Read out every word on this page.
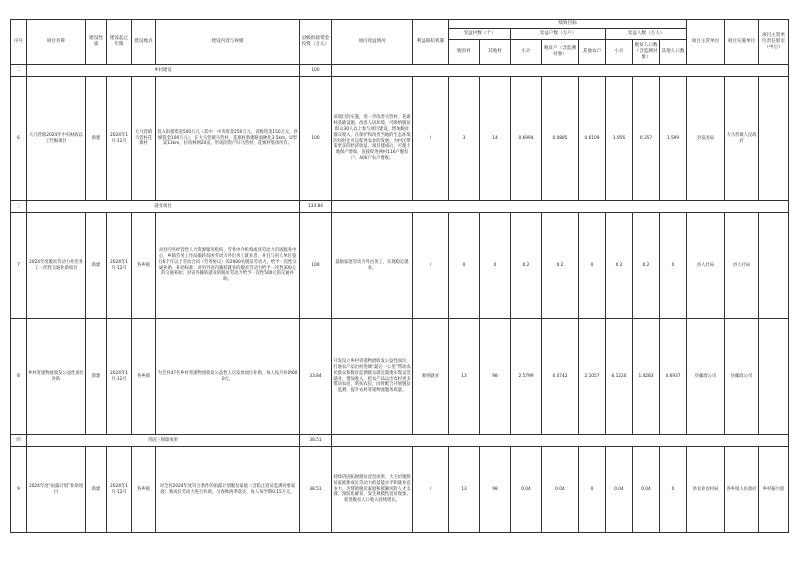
序号	项目名称	建设性质	建设起止年限	建设地点	建设内容与规模	县级衔接资金投资（万元）	项目效益情况	利益联结机制	绩效目标								项目主管单位	项目实施单位	项目主管单位责任股室（中心）
									受益村数（个）		受益户数（万户）			受益人数（万人）					
									脱贫村	其他村	小计	脱贫户（含监测对象）	其他农户	小计	脱贫人口数（含监测对象）	其他人口数			
二	乡村建设					100													
6	大马营镇2024年中央财政以工代赈项目	新建	2024年1月-12月	大马营镇马营村花寨村	投入衔接资金500万元（其中：中央资金250万元，省级资金150万元，县级资金100万元），在大马营镇马营村、花寨村新建路面硬化3.5km，U型渠13km，拉风林网20亩。形成的资产归马营村、花寨村集体所有。	100	该项目的实施，进一步改善马营村、花寨村基础设施，改善人居环境，可吸纳脱贫群众30人以上参与项目建设，增加脱贫群众收入，在保护和改善当地的生态环境的同时还可以促进农业的发展。为村民带来更多的经济收益，项目建成后，可使土地保产增收，直接促进两村116户脱贫户、400户农户增收。	/	3	14	0.6994	0.0885	0.6109	1.956	0.357	1.599	县发改局	大马营镇人民政府	
三	就业项目					133.84													
7	2024年度脱贫劳动力外出务工一次性交通补助项目	新建	2024年1月-12月	各乡镇	对县内外经营性人力资源服务机构、劳务中介机构或县劳动力市场服务中心、乡镇劳务工作站输转贫困劳动力外出务工就业者，并且与用人单位签订6个月以上劳动合同（劳务协议）的2000名脱贫劳动力，给予一次性交通补助、补助标准：对县外省内输转就业的脱贫劳动力给予一次性300元的交通补助；对省外输转就业的脱贫劳动力给予一次性500元的交通补助。	100	鼓励家庭劳动力外出务工，实现稳定就业。	/	0	0	0.2	0.2	0	0.2	0.2	0	县人社局	县人社局	
8	乡村寄递物流收发公益性岗位补助	新建	2024年1月-12月	各乡镇	为全县47名乡村寄递物流收发公益性人员发放岗位补助，每人每月补助600元。	33.84	开发设立乡村寄递物流收发公益性岗位，打通农产品出村进城“最后一公里”带动农民群众和脱贫监测群众就近就地实现灵活就业，增加收入，把农产品运出农村更多带动农民，帮扶农民，同时配合开展脱贫监测，提升农村寄递物流服务质量。	吸纳就业	13	98	2.5799	0.4742	2.1057	6.1220	1.4283	4.6937	县邮政公司	县邮政公司	
四	巩固三保障成果					38.51													
9	2024年度“雨露计划”补助项目	新建	2024年1月-12月	各乡镇	对全县2024年度符合条件的雨露计划脱贫家庭（含防止返贫监测对象家庭）新成长劳动力进行补助，分春秋两季落实，每人每学期0.15万元。	38.51	持续巩固拓展脱贫攻坚成果，大力培植脱贫家庭新成长劳动力的技能水平和就业竞争力，为帮助脱贫家庭和抵御风险人才支撑，预防化解贫，发生规模性返贫现象，促进脱贫人口收入持续增长。	/	13	98	0.04	0.04	0	0.04	0.04	0	县农业农村局	各乡镇人民政府	乡村振兴股
